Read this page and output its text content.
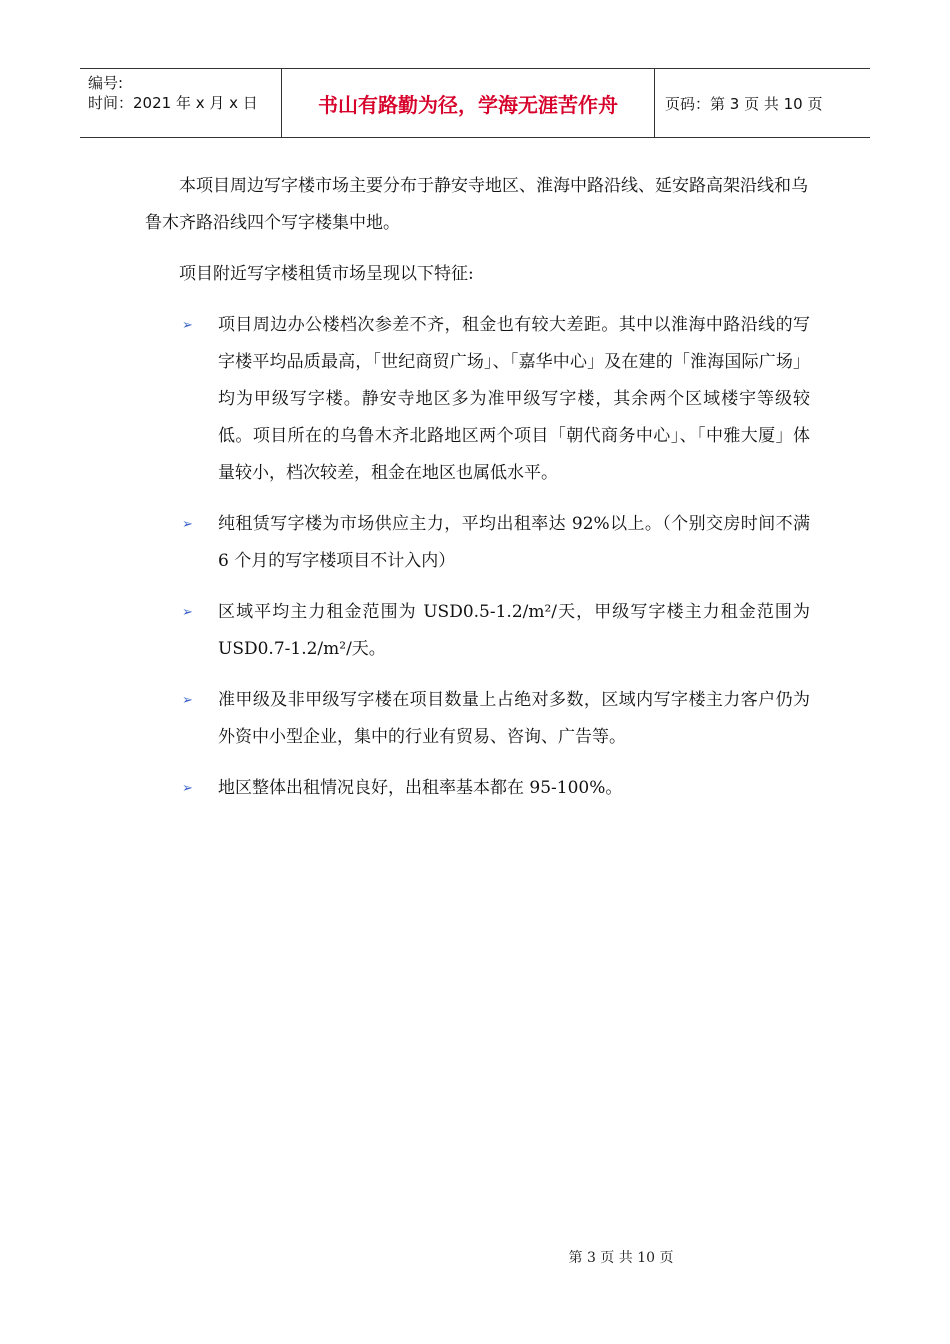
编号:
时间：2021 年 x 月 x 日	书山有路勤为径，学海无涯苦作舟	页码：第 3 页 共 10 页

本项目周边写字楼市场主要分布于静安寺地区、淮海中路沿线、延安路高架沿线和乌鲁木齐路沿线四个写字楼集中地。

项目附近写字楼租赁市场呈现以下特征:

➢	项目周边办公楼档次参差不齐，租金也有较大差距。其中以淮海中路沿线的写字楼平均品质最高，「世纪商贸广场」、「嘉华中心」及在建的「淮海国际广场」均为甲级写字楼。静安寺地区多为准甲级写字楼，其余两个区域楼宇等级较低。项目所在的乌鲁木齐北路地区两个项目「朝代商务中心」、「中雅大厦」体量较小，档次较差，租金在地区也属低水平。
➢	纯租赁写字楼为市场供应主力，平均出租率达 92%以上。（个别交房时间不满 6 个月的写字楼项目不计入内）
➢	区域平均主力租金范围为 USD0.5-1.2/m²/天，甲级写字楼主力租金范围为 USD0.7-1.2/m²/天。
➢	准甲级及非甲级写字楼在项目数量上占绝对多数，区域内写字楼主力客户仍为外资中小型企业，集中的行业有贸易、咨询、广告等。
➢	地区整体出租情况良好，出租率基本都在 95-100%。
第 3 页 共 10 页
